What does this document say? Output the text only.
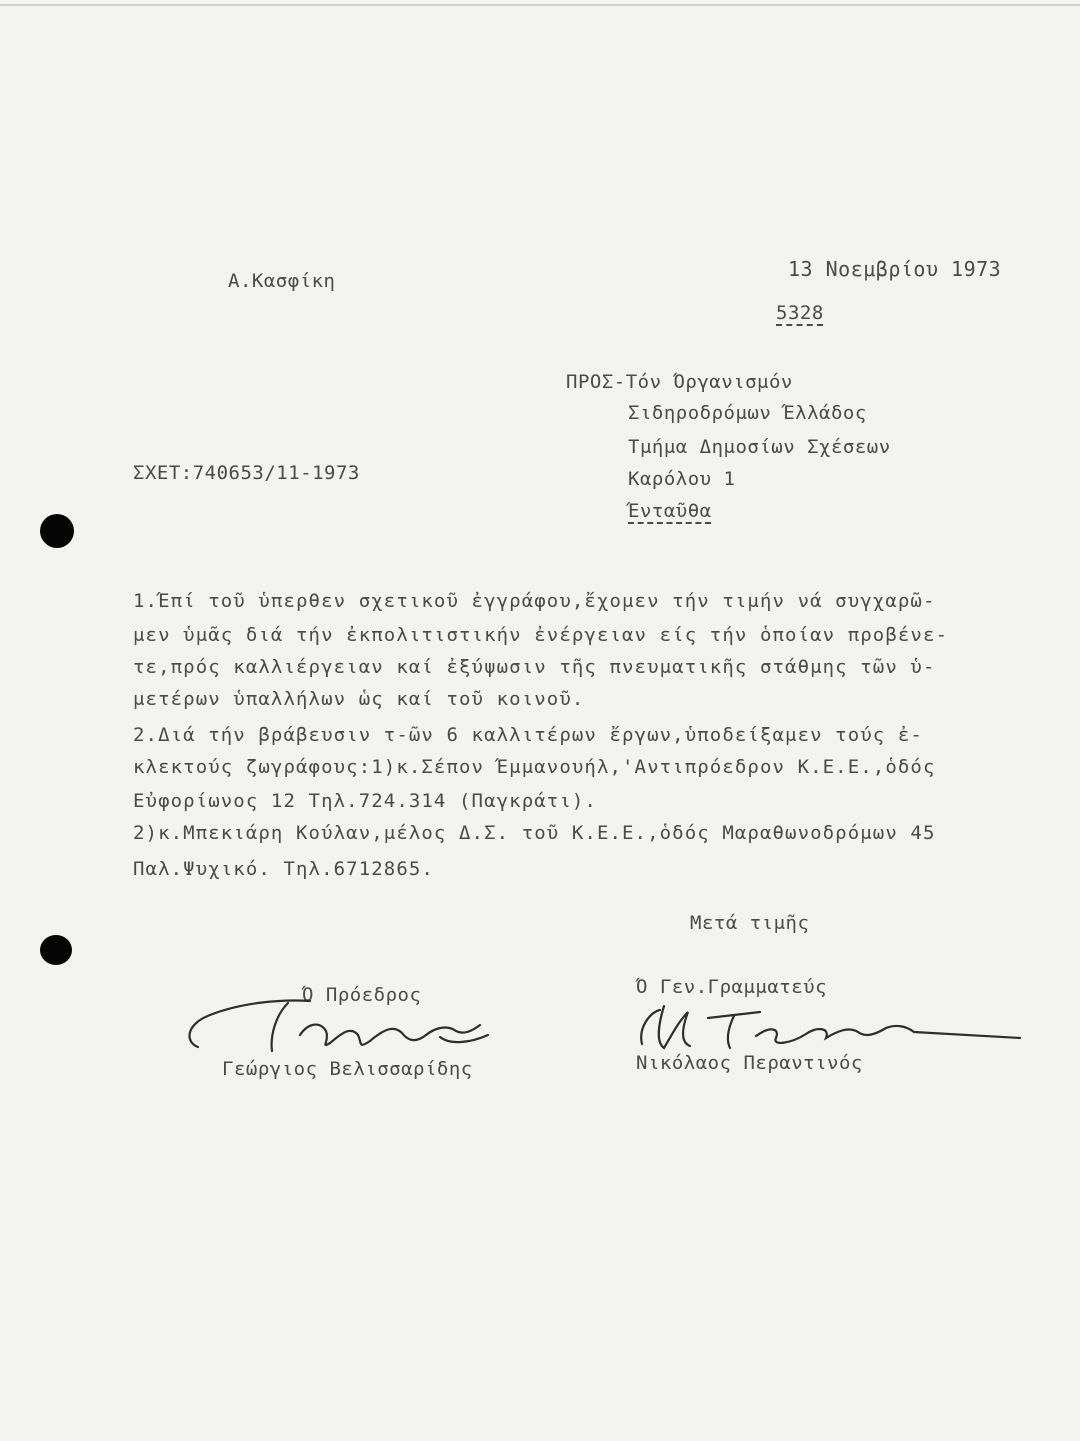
Α.Κασφίκη	13 Νοεμβρίου 1973
5328
ΣΧΕΤ:740653/11-1973
ΠΡΟΣ-Τόν Όργανισμόν
Σιδηροδρόμων Έλλάδος
Τμήμα Δημοσίων Σχέσεων
Καρόλου 1
Ένταῦθα
1.Έπί τοῦ ὑπερθεν σχετικοῦ ἐγγράφου,ἔχομεν τήν τιμήν νά συγχαρῶ-
μεν ὑμᾶς διά τήν ἐκπολιτιστικήν ἐνέργειαν είς τήν ὁποίαν προβένε-
τε,πρός καλλιέργειαν καί ἐξύψωσιν τῆς πνευματικῆς στάθμης τῶν ὑ-
μετέρων ὑπαλλήλων ὡς καί τοῦ κοινοῦ.
2.Διά τήν βράβευσιν τ-ῶν 6 καλλιτέρων ἔργων,ὑποδείξαμεν τούς ἐ-
κλεκτούς ζωγράφους:1)κ.Σέπον Έμμανουήλ,'Αντιπρόεδρον Κ.Ε.Ε.,ὁδός
Εὐφορίωνος 12 Τηλ.724.314 (Παγκράτι).
2)κ.Μπεκιάρη Κούλαν,μέλος Δ.Σ. τοῦ Κ.Ε.Ε.,ὁδός Μαραθωνοδρόμων 45
Παλ.Ψυχικό. Τηλ.6712865.
Μετά τιμῆς
Ό Πρόεδρος
Γεώργιος Βελισσαρίδης
Ό Γεν.Γραμματεύς
Νικόλαος Περαντινός
